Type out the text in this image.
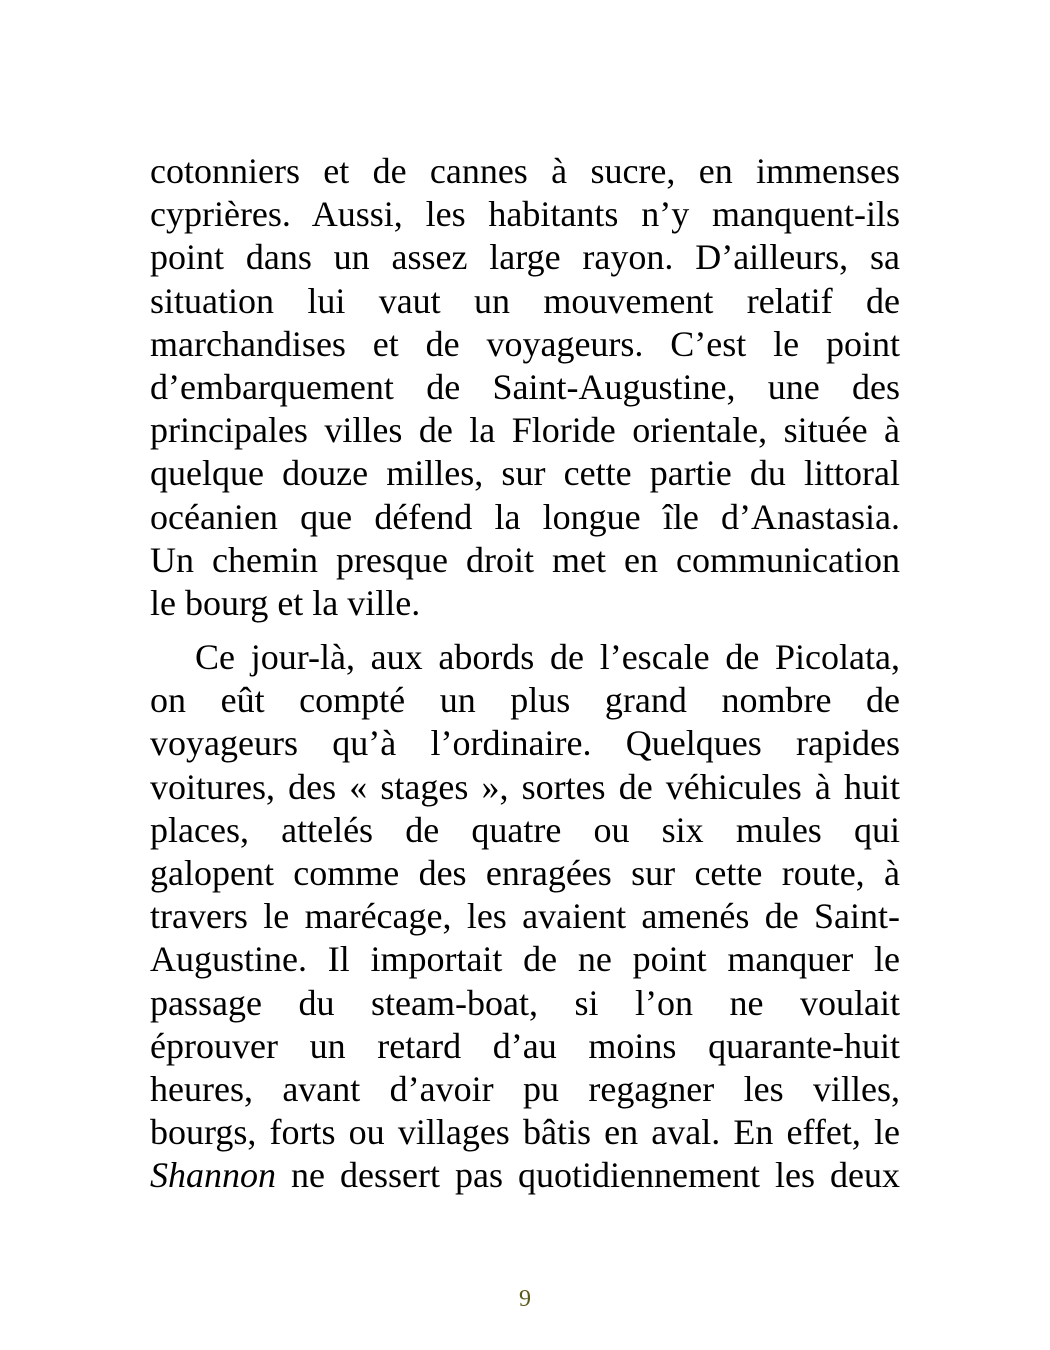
cotonniers et de cannes à sucre, en immenses
cyprières. Aussi, les habitants n’y manquent-ils
point dans un assez large rayon. D’ailleurs, sa
situation lui vaut un mouvement relatif de
marchandises et de voyageurs. C’est le point
d’embarquement de Saint-Augustine, une des
principales villes de la Floride orientale, située à
quelque douze milles, sur cette partie du littoral
océanien que défend la longue île d’Anastasia.
Un chemin presque droit met en communication
le bourg et la ville.
Ce jour-là, aux abords de l’escale de Picolata,
on eût compté un plus grand nombre de
voyageurs qu’à l’ordinaire. Quelques rapides
voitures, des « stages », sortes de véhicules à huit
places, attelés de quatre ou six mules qui
galopent comme des enragées sur cette route, à
travers le marécage, les avaient amenés de Saint-
Augustine. Il importait de ne point manquer le
passage du steam-boat, si l’on ne voulait
éprouver un retard d’au moins quarante-huit
heures, avant d’avoir pu regagner les villes,
bourgs, forts ou villages bâtis en aval. En effet, le
Shannon ne dessert pas quotidiennement les deux
9
